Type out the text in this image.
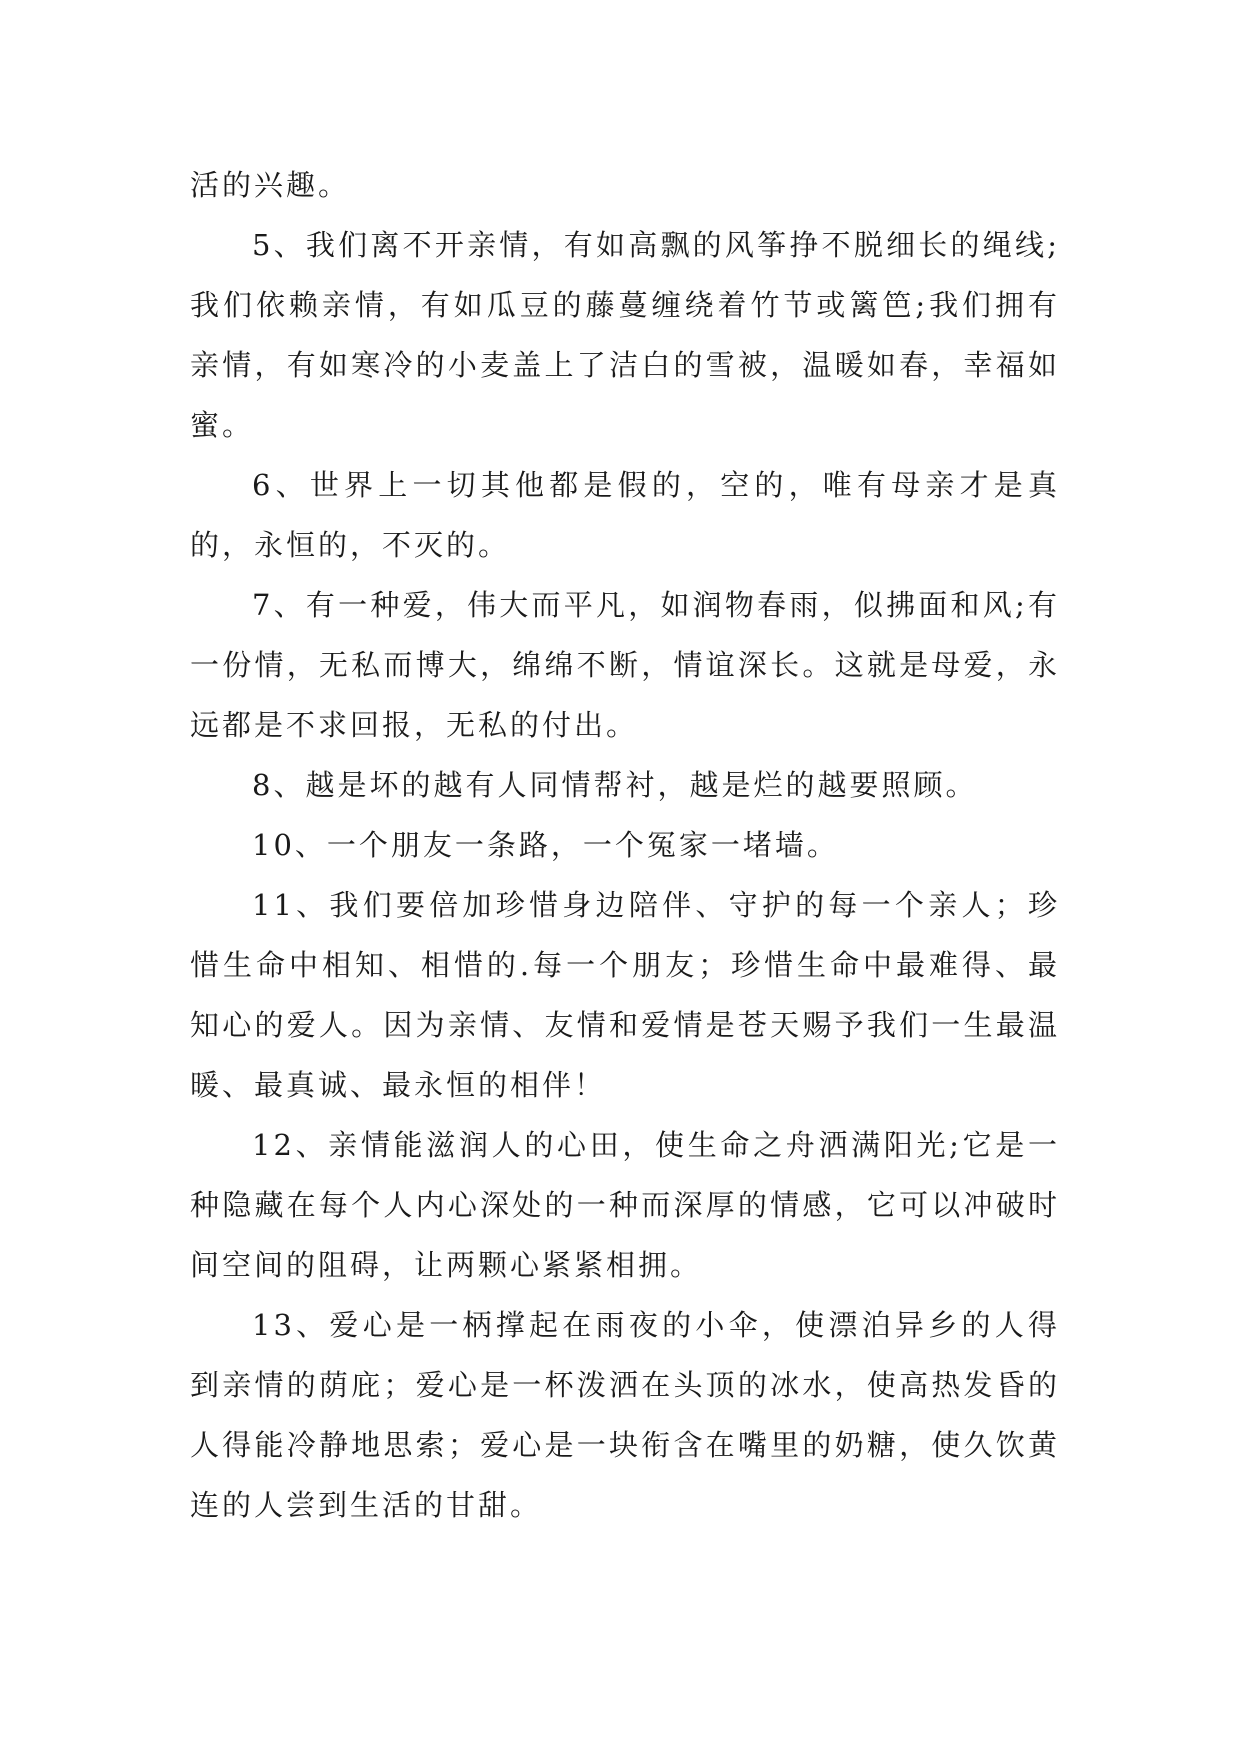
活的兴趣。

5、我们离不开亲情，有如高飘的风筝挣不脱细长的绳线;我们依赖亲情，有如瓜豆的藤蔓缠绕着竹节或篱笆;我们拥有亲情，有如寒冷的小麦盖上了洁白的雪被，温暖如春，幸福如蜜。

6、世界上一切其他都是假的，空的，唯有母亲才是真的，永恒的，不灭的。

7、有一种爱，伟大而平凡，如润物春雨，似拂面和风;有一份情，无私而博大，绵绵不断，情谊深长。这就是母爱，永远都是不求回报，无私的付出。

8、越是坏的越有人同情帮衬，越是烂的越要照顾。

10、一个朋友一条路，一个冤家一堵墙。

11、我们要倍加珍惜身边陪伴、守护的每一个亲人；珍惜生命中相知、相惜的.每一个朋友；珍惜生命中最难得、最知心的爱人。因为亲情、友情和爱情是苍天赐予我们一生最温暖、最真诚、最永恒的相伴！

12、亲情能滋润人的心田，使生命之舟洒满阳光;它是一种隐藏在每个人内心深处的一种而深厚的情感，它可以冲破时间空间的阻碍，让两颗心紧紧相拥。

13、爱心是一柄撑起在雨夜的小伞，使漂泊异乡的人得到亲情的荫庇；爱心是一杯泼洒在头顶的冰水，使高热发昏的人得能冷静地思索；爱心是一块衔含在嘴里的奶糖，使久饮黄连的人尝到生活的甘甜。
